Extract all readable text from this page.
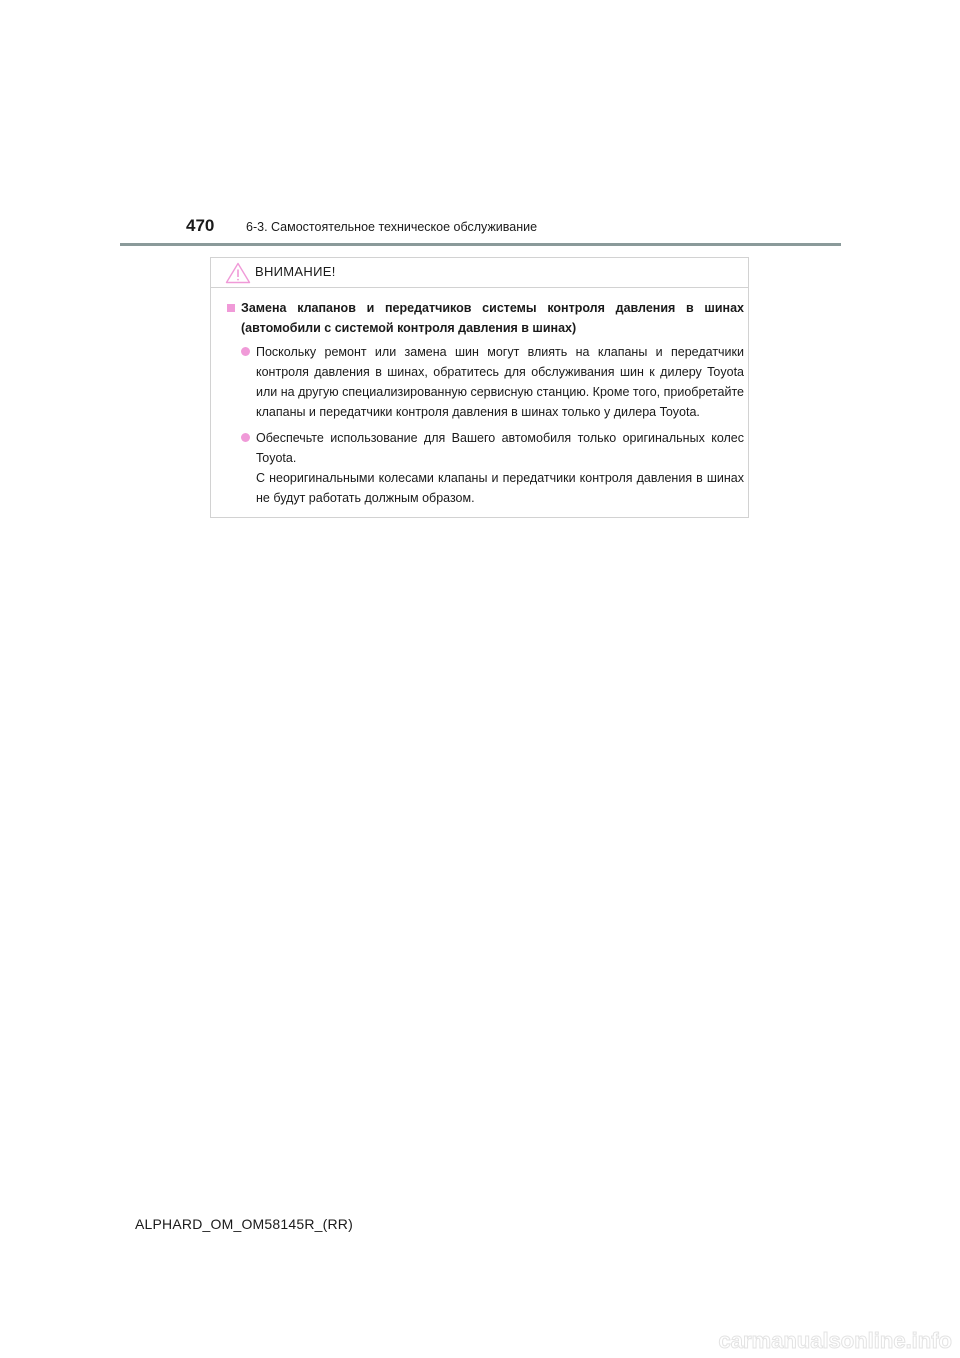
470	6-3. Самостоятельное техническое обслуживание
ВНИМАНИЕ!
Замена клапанов и передатчиков системы контроля давления в шинах (автомобили с системой контроля давления в шинах)
Поскольку ремонт или замена шин могут влиять на клапаны и передатчики контроля давления в шинах, обратитесь для обслуживания шин к дилеру Toyota или на другую специализированную сервисную станцию. Кроме того, приобретайте клапаны и передатчики контроля давления в шинах только у дилера Toyota.
Обеспечьте использование для Вашего автомобиля только оригинальных колес Toyota.
С неоригинальными колесами клапаны и передатчики контроля давления в шинах не будут работать должным образом.
ALPHARD_OM_OM58145R_(RR)
carmanualsonline.info
